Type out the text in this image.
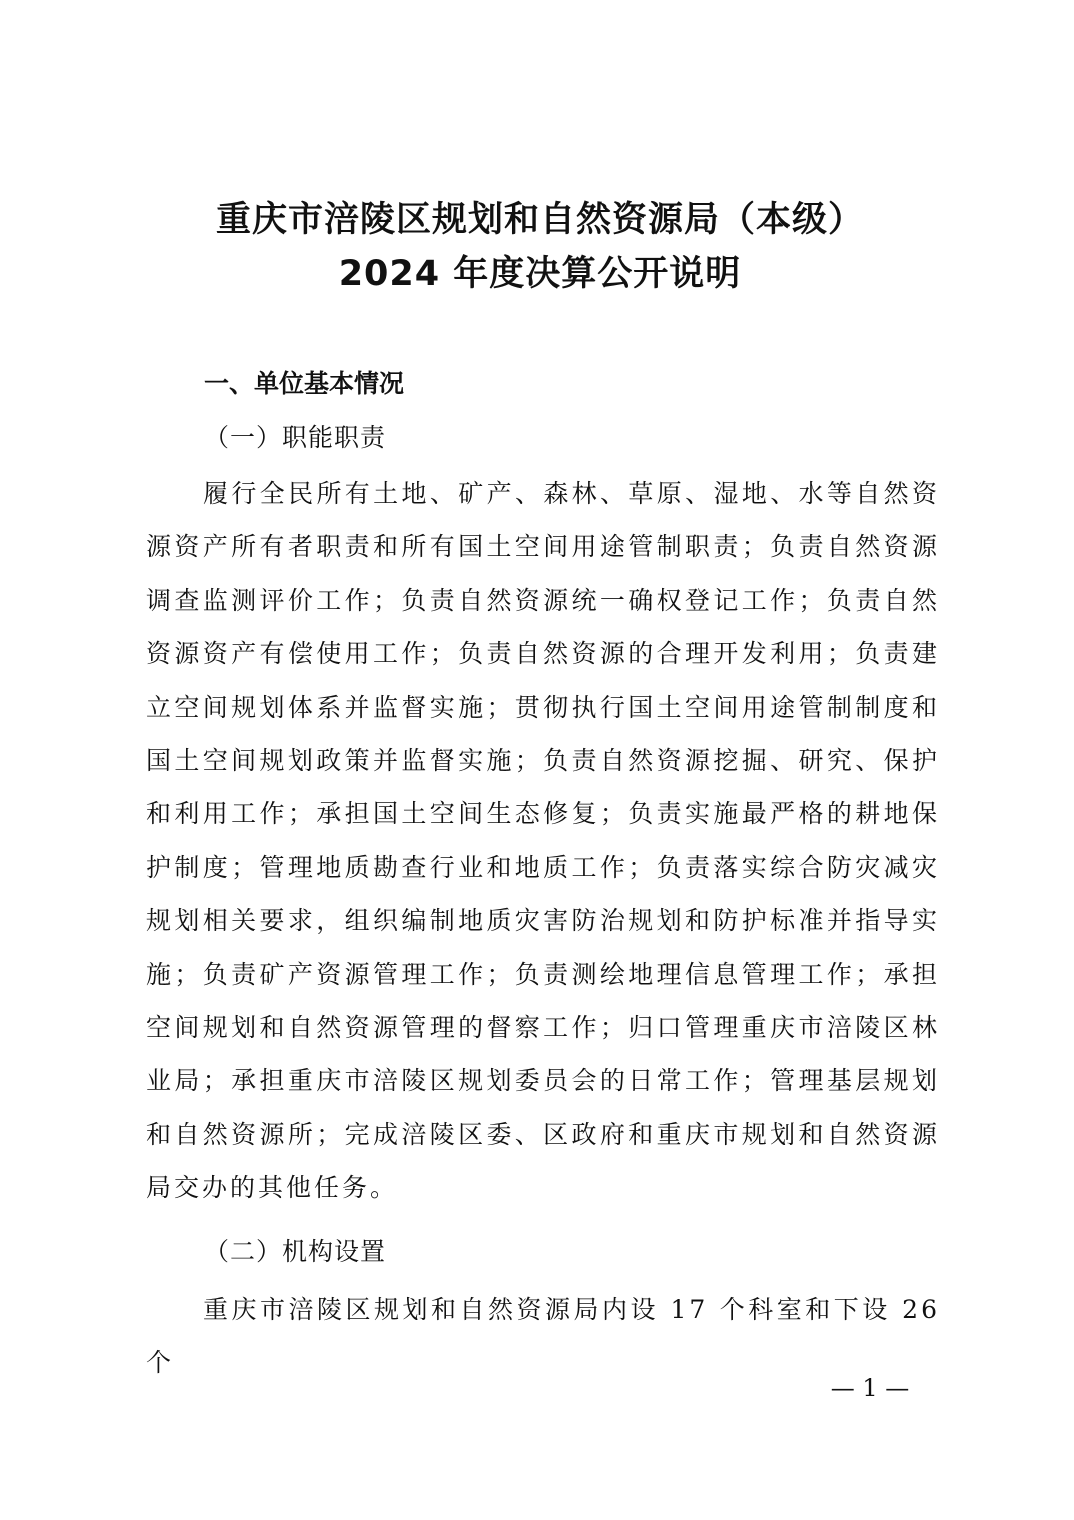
重庆市涪陵区规划和自然资源局（本级）
2024 年度决算公开说明
一、单位基本情况
（一）职能职责

履行全民所有土地、矿产、森林、草原、湿地、水等自然资源资产所有者职责和所有国土空间用途管制职责；负责自然资源调查监测评价工作；负责自然资源统一确权登记工作；负责自然资源资产有偿使用工作；负责自然资源的合理开发利用；负责建立空间规划体系并监督实施；贯彻执行国土空间用途管制制度和国土空间规划政策并监督实施；负责自然资源挖掘、研究、保护和利用工作；承担国土空间生态修复；负责实施最严格的耕地保护制度；管理地质勘查行业和地质工作；负责落实综合防灾减灾规划相关要求，组织编制地质灾害防治规划和防护标准并指导实施；负责矿产资源管理工作；负责测绘地理信息管理工作；承担空间规划和自然资源管理的督察工作；归口管理重庆市涪陵区林业局；承担重庆市涪陵区规划委员会的日常工作；管理基层规划和自然资源所；完成涪陵区委、区政府和重庆市规划和自然资源局交办的其他任务。

（二）机构设置

重庆市涪陵区规划和自然资源局内设 17 个科室和下设 26 个

— 1 —
